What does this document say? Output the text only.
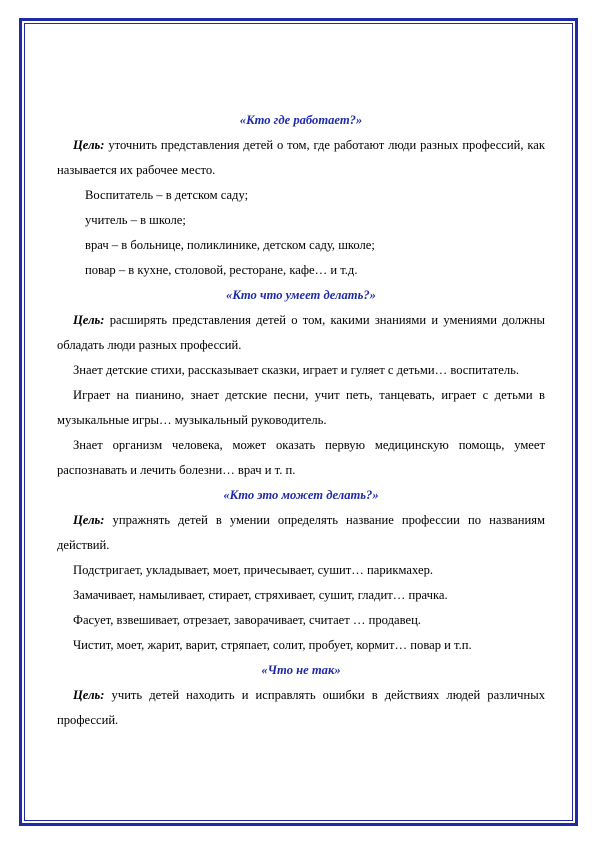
«Кто где работает?»

Цель: уточнить представления детей о том, где работают люди разных профессий, как называется их рабочее место.

Воспитатель – в детском саду;

учитель – в школе;

врач – в больнице, поликлинике, детском саду, школе;

повар – в кухне, столовой, ресторане, кафе… и т.д.

«Кто что умеет делать?»

Цель: расширять представления детей о том, какими знаниями и умениями должны обладать люди разных профессий.

Знает детские стихи, рассказывает сказки, играет и гуляет с детьми… воспитатель.

Играет на пианино, знает детские песни, учит петь, танцевать, играет с детьми в музыкальные игры… музыкальный руководитель.

Знает организм человека, может оказать первую медицинскую помощь, умеет распознавать и лечить болезни… врач и т. п.

«Кто это может делать?»

Цель: упражнять детей в умении определять название профессии по названиям действий.

Подстригает, укладывает, моет, причесывает, сушит… парикмахер.

Замачивает, намыливает, стирает, стряхивает, сушит, гладит… прачка.

Фасует, взвешивает, отрезает, заворачивает, считает … продавец.

Чистит, моет, жарит, варит, стряпает, солит, пробует, кормит… повар и т.п.

«Что не так»

Цель: учить детей находить и исправлять ошибки в действиях людей различных профессий.
